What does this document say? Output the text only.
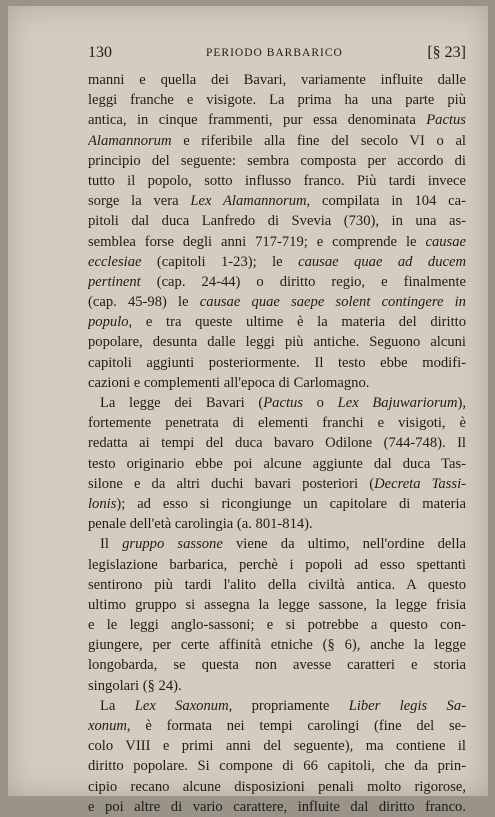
130	PERIODO BARBARICO	[§ 23]
manni e quella dei Bavari, variamente influite dalle
leggi franche e visigote. La prima ha una parte più
antica, in cinque frammenti, pur essa denominata Pactus
Alamannorum e riferibile alla fine del secolo VI o al
principio del seguente: sembra composta per accordo di
tutto il popolo, sotto influsso franco. Più tardi invece
sorge la vera Lex Alamannorum, compilata in 104 ca-
pitoli dal duca Lanfredo di Svevia (730), in una as-
semblea forse degli anni 717-719; e comprende le causae
ecclesiae (capitoli 1-23); le causae quae ad ducem
pertinent (cap. 24-44) o diritto regio, e finalmente
(cap. 45-98) le causae quae saepe solent contingere in
populo, e tra queste ultime è la materia del diritto
popolare, desunta dalle leggi più antiche. Seguono alcuni
capitoli aggiunti posteriormente. Il testo ebbe modifi-
cazioni e complementi all'epoca di Carlomagno.
La legge dei Bavari (Pactus o Lex Bajuwariorum),
fortemente penetrata di elementi franchi e visigoti, è
redatta ai tempi del duca bavaro Odilone (744-748). Il
testo originario ebbe poi alcune aggiunte dal duca Tas-
silone e da altri duchi bavari posteriori (Decreta Tassi-
lonis); ad esso si ricongiunge un capitolare di materia
penale dell'età carolingia (a. 801-814).
Il gruppo sassone viene da ultimo, nell'ordine della
legislazione barbarica, perchè i popoli ad esso spettanti
sentirono più tardi l'alito della civiltà antica. A questo
ultimo gruppo si assegna la legge sassone, la legge frisia
e le leggi anglo-sassoni; e si potrebbe a questo con-
giungere, per certe affinità etniche (§ 6), anche la legge
longobarda, se questa non avesse caratteri e storia
singolari (§ 24).
La Lex Saxonum, propriamente Liber legis Sa-
xonum, è formata nei tempi carolingi (fine del se-
colo VIII e primi anni del seguente), ma contiene il
diritto popolare. Si compone di 66 capitoli, che da prin-
cipio recano alcune disposizioni penali molto rigorose,
e poi altre di vario carattere, influite dal diritto franco.
